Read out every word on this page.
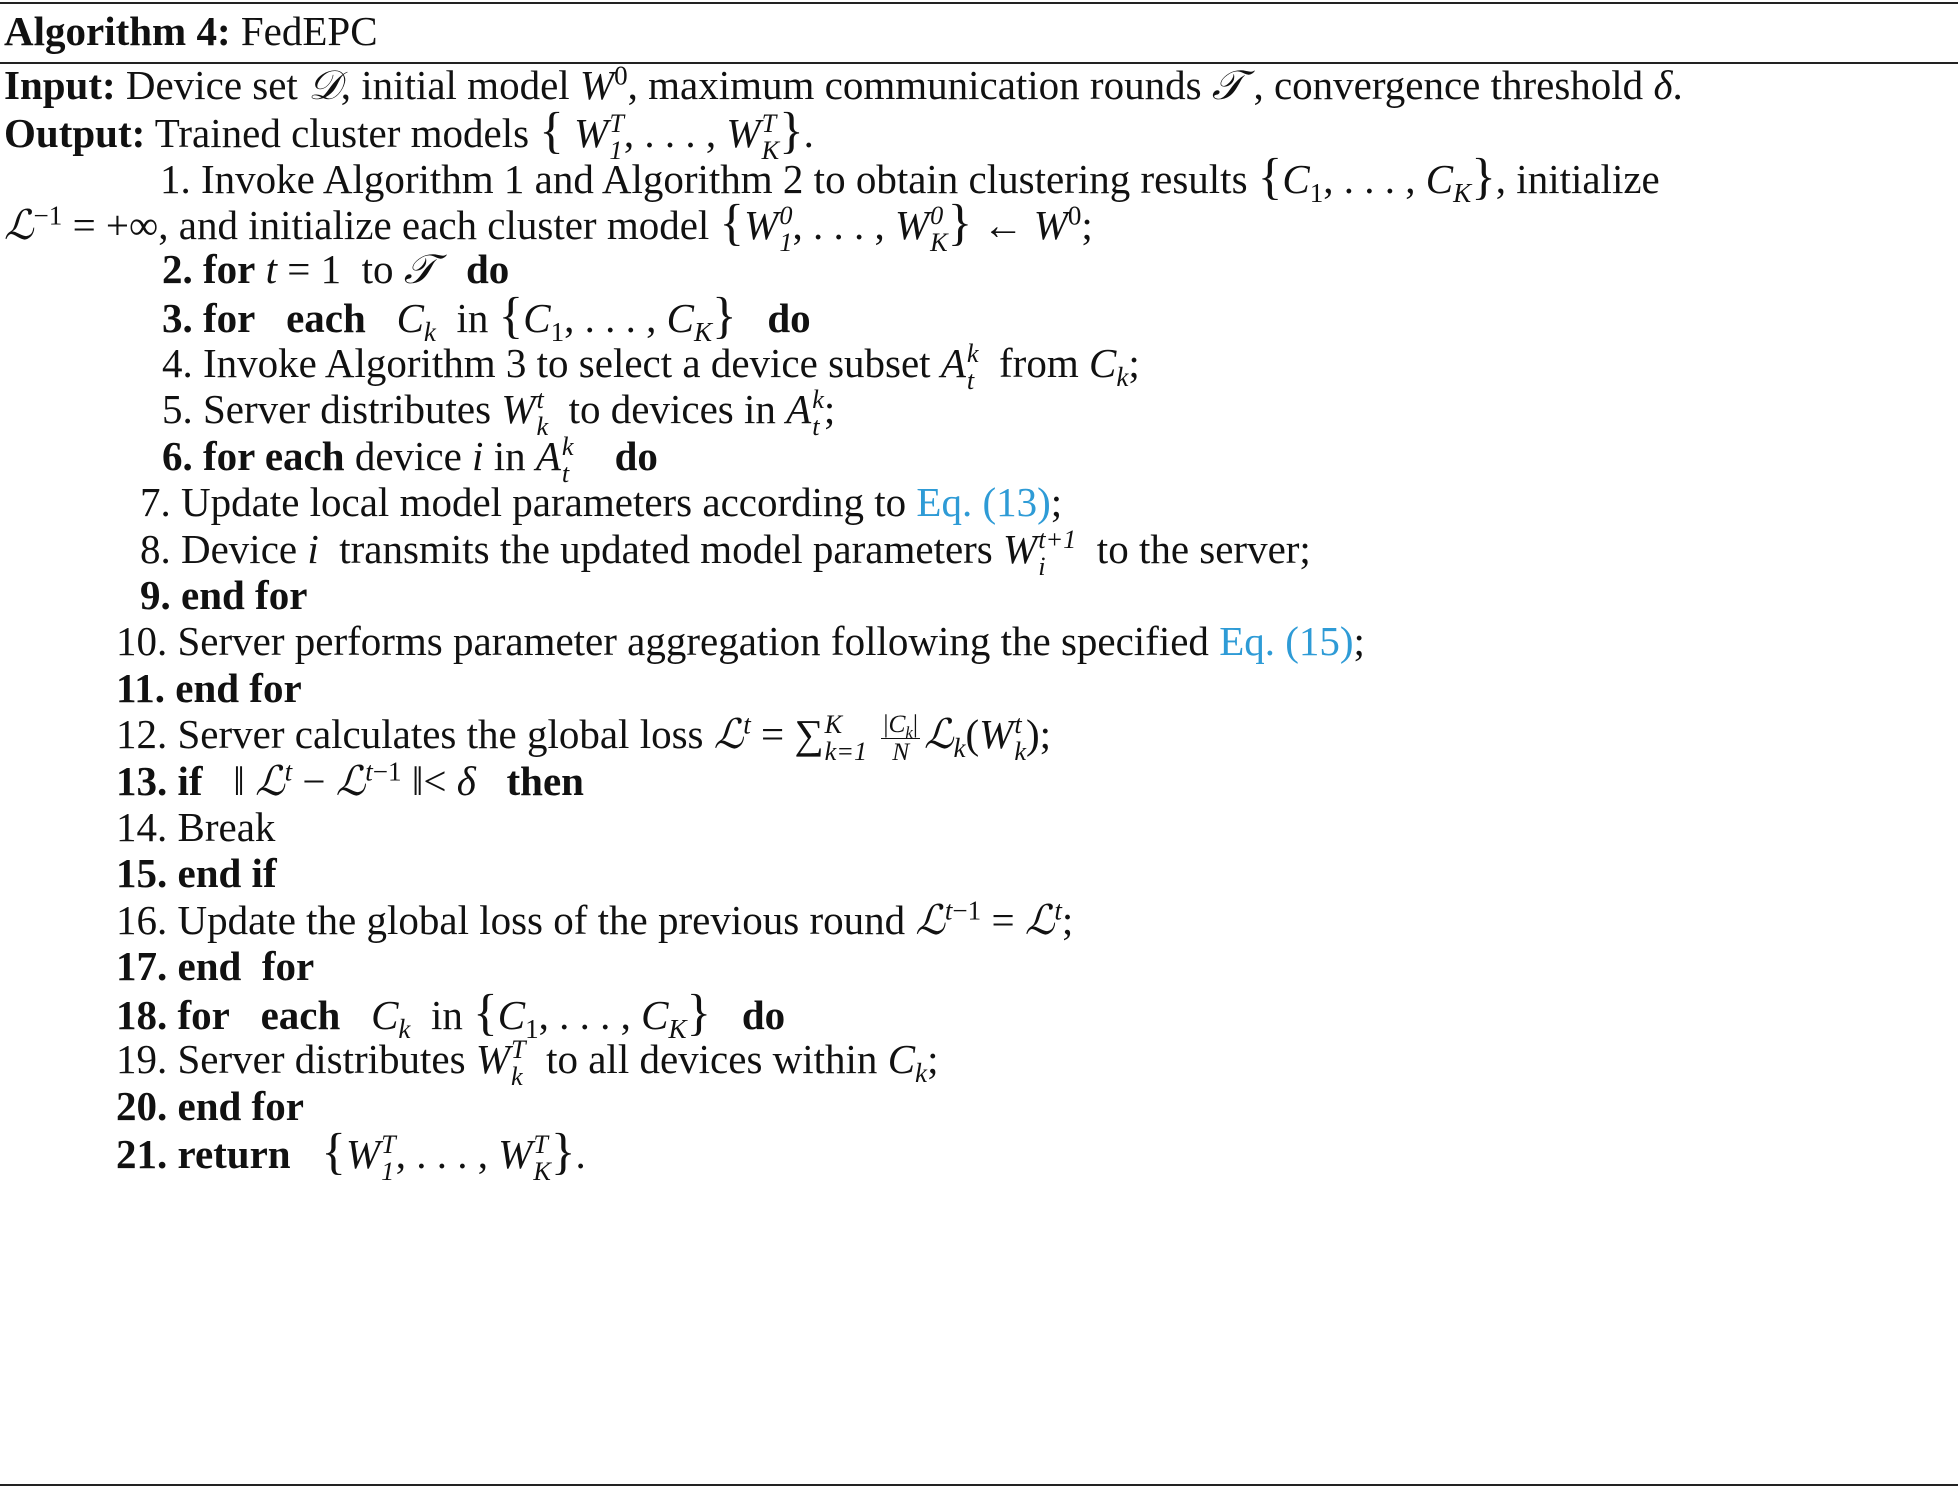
Algorithm 4: FedEPC
Input: Device set 𝒟, initial model $W^0$, maximum communication rounds 𝒯 , convergence threshold δ.
Output: Trained cluster models { W T
1 , . . . , W T
K }.
1. Invoke Algorithm 1 and Algorithm 2 to obtain clustering results {$C_1$, . . . , $C_K$}, initialize
ℒ$^{-1}$ = +∞, and initialize each cluster model {W 0
1 , . . . , W 0
K } ← $W^0$;
2. for t = 1  to 𝒯 do
3. for each $C_k$ in {$C_1$, . . . , $C_K$} do
4. Invoke Algorithm 3 to select a device subset A k
t from $C_k$;
5. Server distributes W t
k to devices in A k
t ;
6. for each device i in A k
t do
7. Update local model parameters according to Eq. (13);
8. Device i transmits the updated model parameters W t+1
i	to the server;
9. end for
10. Server performs parameter aggregation following the specified Eq. (15);
11. end for
12. Server calculates the global loss ℒ$^t$ = ∑ K
k=1
$\frac{|C_k|}{N}$ ℒ$_k$(W t
k );
13. if   ‖ ℒ$^t$ − ℒ$^{t-1}$ ‖< δ then
14. Break
15. end if
16. Update the global loss of the previous round ℒ$^{t-1}$ = ℒ$^t$;
17. end for
18. for each $C_k$ in {$C_1$, . . . , $C_K$} do
19. Server distributes W T
k to all devices within $C_k$;
20. end for
21. return {W T
1 , . . . , W T
K }.
